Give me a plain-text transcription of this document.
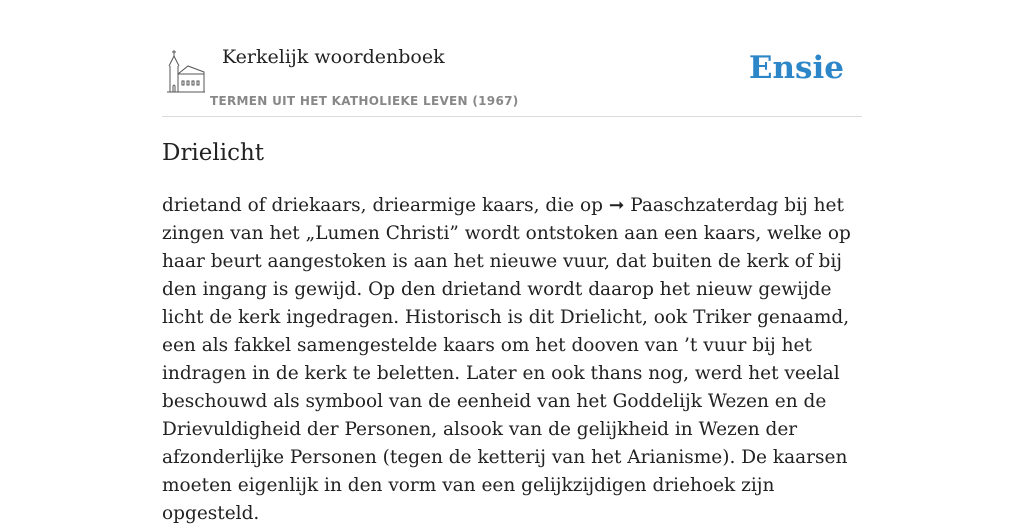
Kerkelijk woordenboek
TERMEN UIT HET KATHOLIEKE LEVEN (1967)
Ensie
Drielicht

drietand of driekaars, driearmige kaars, die op ➞ Paaschzaterdag bij het zingen van het „Lumen Christi” wordt ontstoken aan een kaars, welke op haar beurt aangestoken is aan het nieuwe vuur, dat buiten de kerk of bij den ingang is gewijd. Op den drietand wordt daarop het nieuw gewijde licht de kerk ingedragen. Historisch is dit Drielicht, ook Triker genaamd, een als fakkel samengestelde kaars om het dooven van ’t vuur bij het indragen in de kerk te beletten. Later en ook thans nog, werd het veelal beschouwd als symbool van de eenheid van het Goddelijk Wezen en de Drievuldigheid der Personen, alsook van de gelijkheid in Wezen der afzonderlijke Personen (tegen de ketterij van het Arianisme). De kaarsen moeten eigenlijk in den vorm van een gelijkzijdigen driehoek zijn opgesteld.
